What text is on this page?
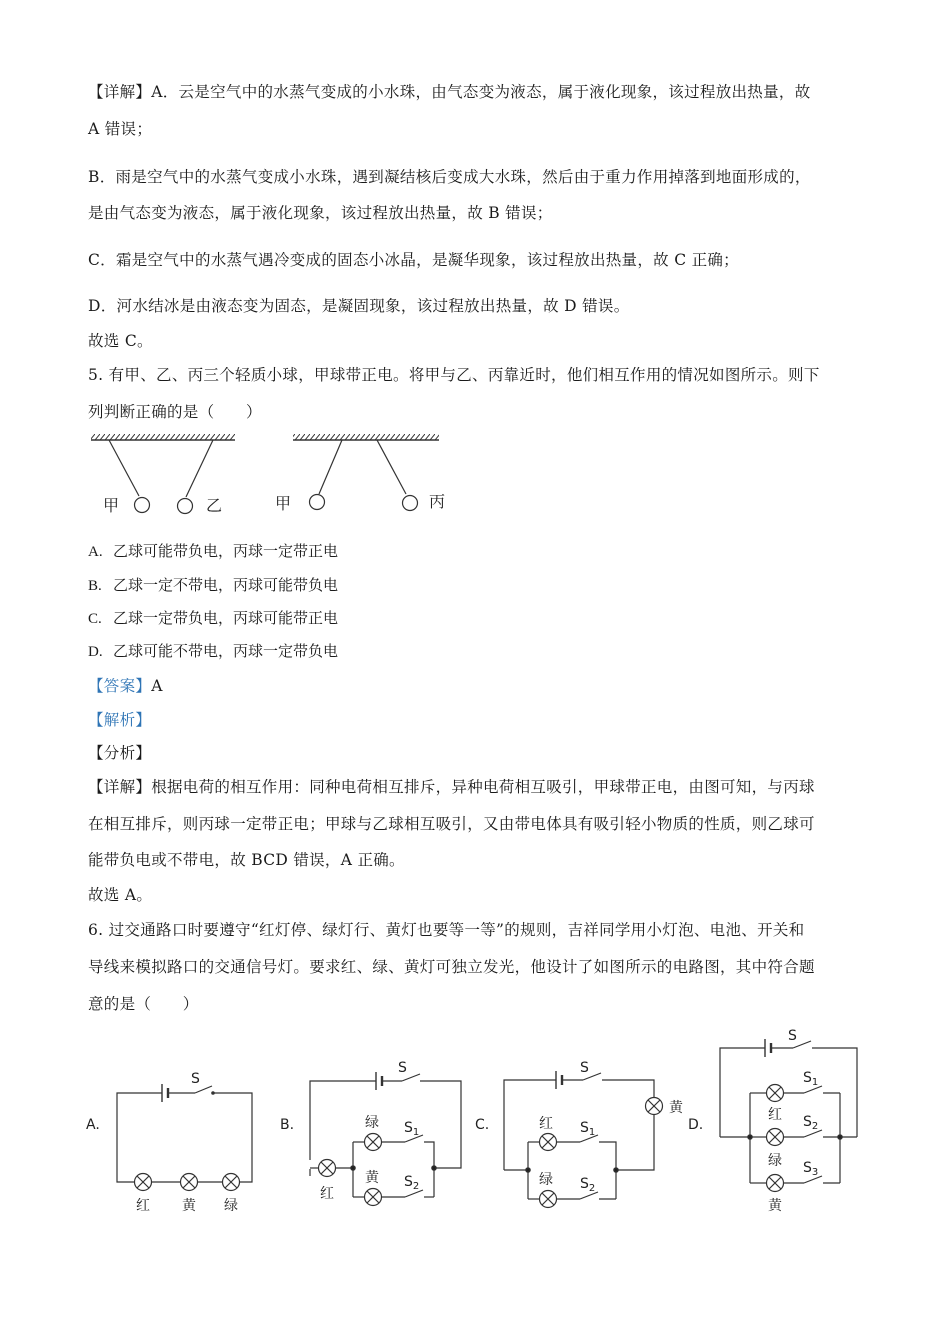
【详解】A．云是空气中的水蒸气变成的小水珠，由气态变为液态，属于液化现象，该过程放出热量，故
A 错误；
B．雨是空气中的水蒸气变成小水珠，遇到凝结核后变成大水珠，然后由于重力作用掉落到地面形成的，
是由气态变为液态，属于液化现象，该过程放出热量，故 B 错误；
C．霜是空气中的水蒸气遇冷变成的固态小冰晶，是凝华现象，该过程放出热量，故 C 正确；
D．河水结冰是由液态变为固态，是凝固现象，该过程放出热量，故 D 错误。
故选 C。
5. 有甲、乙、丙三个轻质小球，甲球带正电。将甲与乙、丙靠近时，他们相互作用的情况如图所示。则下
列判断正确的是（　　）
甲	乙	甲	丙
A. 乙球可能带负电，丙球一定带正电
B. 乙球一定不带电，丙球可能带负电
C. 乙球一定带负电，丙球可能带正电
D. 乙球可能不带电，丙球一定带负电
【答案】A
【解析】
【分析】
【详解】根据电荷的相互作用：同种电荷相互排斥，异种电荷相互吸引，甲球带正电，由图可知，与丙球
在相互排斥，则丙球一定带正电；甲球与乙球相互吸引，又由带电体具有吸引轻小物质的性质，则乙球可
能带负电或不带电，故 BCD 错误，A 正确。
故选 A。
6. 过交通路口时要遵守“红灯停、绿灯行、黄灯也要等一等”的规则，吉祥同学用小灯泡、电池、开关和
导线来模拟路口的交通信号灯。要求红、绿、黄灯可独立发光，他设计了如图所示的电路图，其中符合题
意的是（　　）
A.	B.	C.	D.
S
红 黄 绿
S
绿 $S_1$
黄 $S_2$
红
S
黄
红 $S_1$
绿 $S_2$
S
$S_1$
红 $S_2$
绿 $S_3$
黄
